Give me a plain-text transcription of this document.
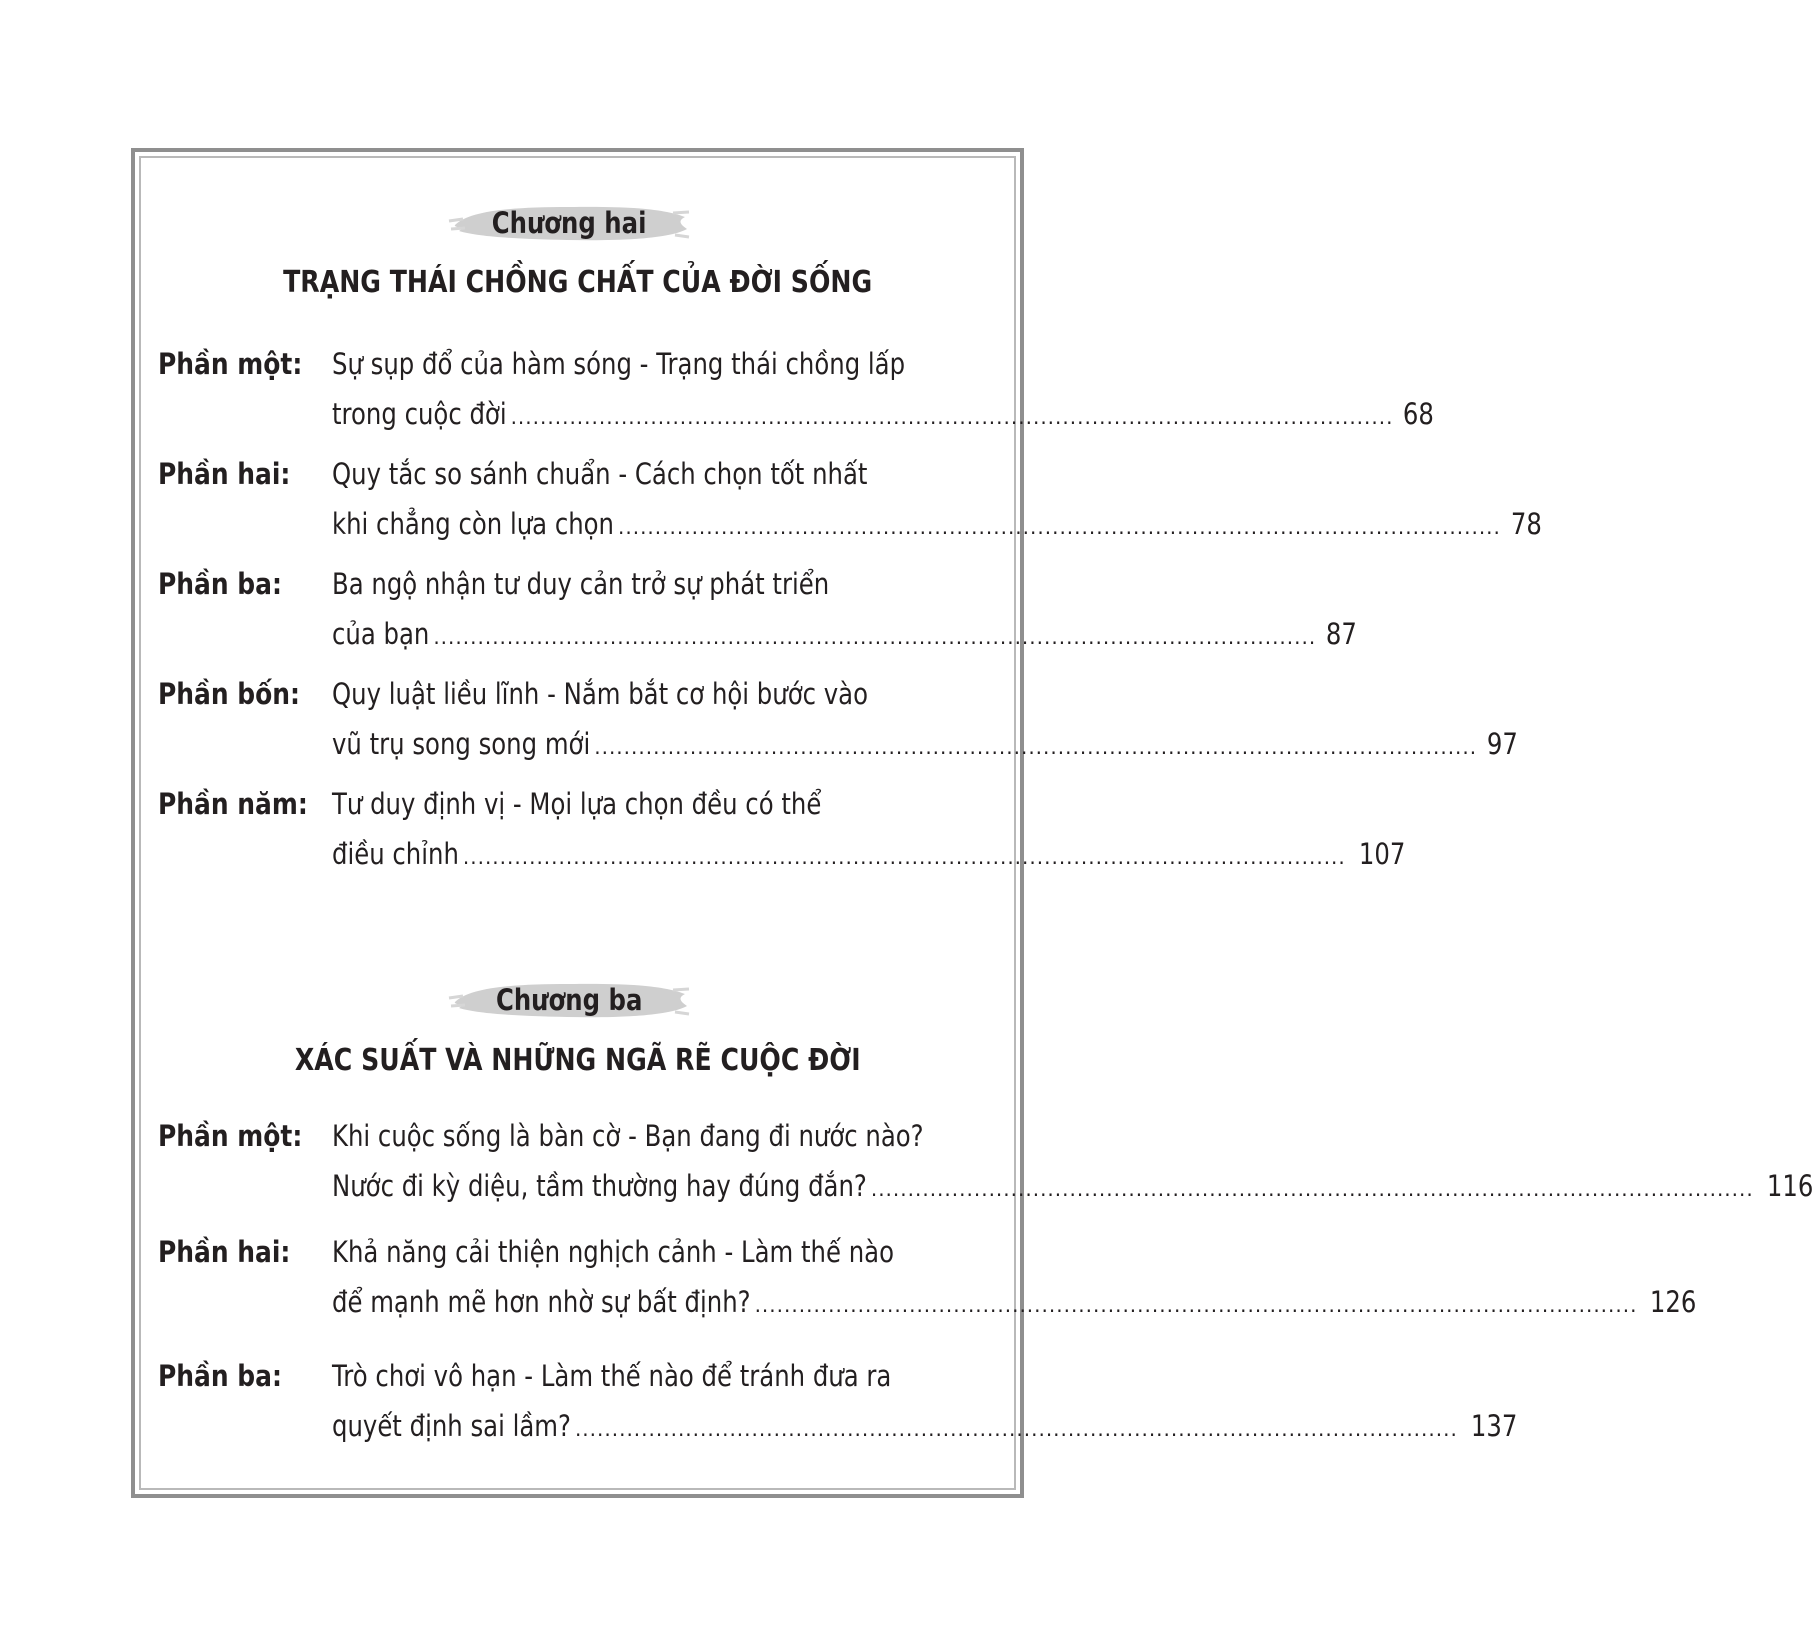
Chương hai
TRẠNG THÁI CHỒNG CHẤT CỦA ĐỜI SỐNG
Phần một: Sự sụp đổ của hàm sóng - Trạng thái chồng lấp
trong cuộc đời ........................................................................................................................ 68
Phần hai: Quy tắc so sánh chuẩn - Cách chọn tốt nhất
khi chẳng còn lựa chọn ........................................................................................................................ 78
Phần ba: Ba ngộ nhận tư duy cản trở sự phát triển
của bạn ........................................................................................................................ 87
Phần bốn: Quy luật liều lĩnh - Nắm bắt cơ hội bước vào
vũ trụ song song mới ........................................................................................................................ 97
Phần năm: Tư duy định vị - Mọi lựa chọn đều có thể
điều chỉnh ........................................................................................................................ 107
Chương ba
XÁC SUẤT VÀ NHỮNG NGÃ RẼ CUỘC ĐỜI
Phần một: Khi cuộc sống là bàn cờ - Bạn đang đi nước nào?
Nước đi kỳ diệu, tầm thường hay đúng đắn? ........................................................................................................................ 116
Phần hai: Khả năng cải thiện nghịch cảnh - Làm thế nào
để mạnh mẽ hơn nhờ sự bất định? ........................................................................................................................ 126
Phần ba: Trò chơi vô hạn - Làm thế nào để tránh đưa ra
quyết định sai lầm? ........................................................................................................................ 137
